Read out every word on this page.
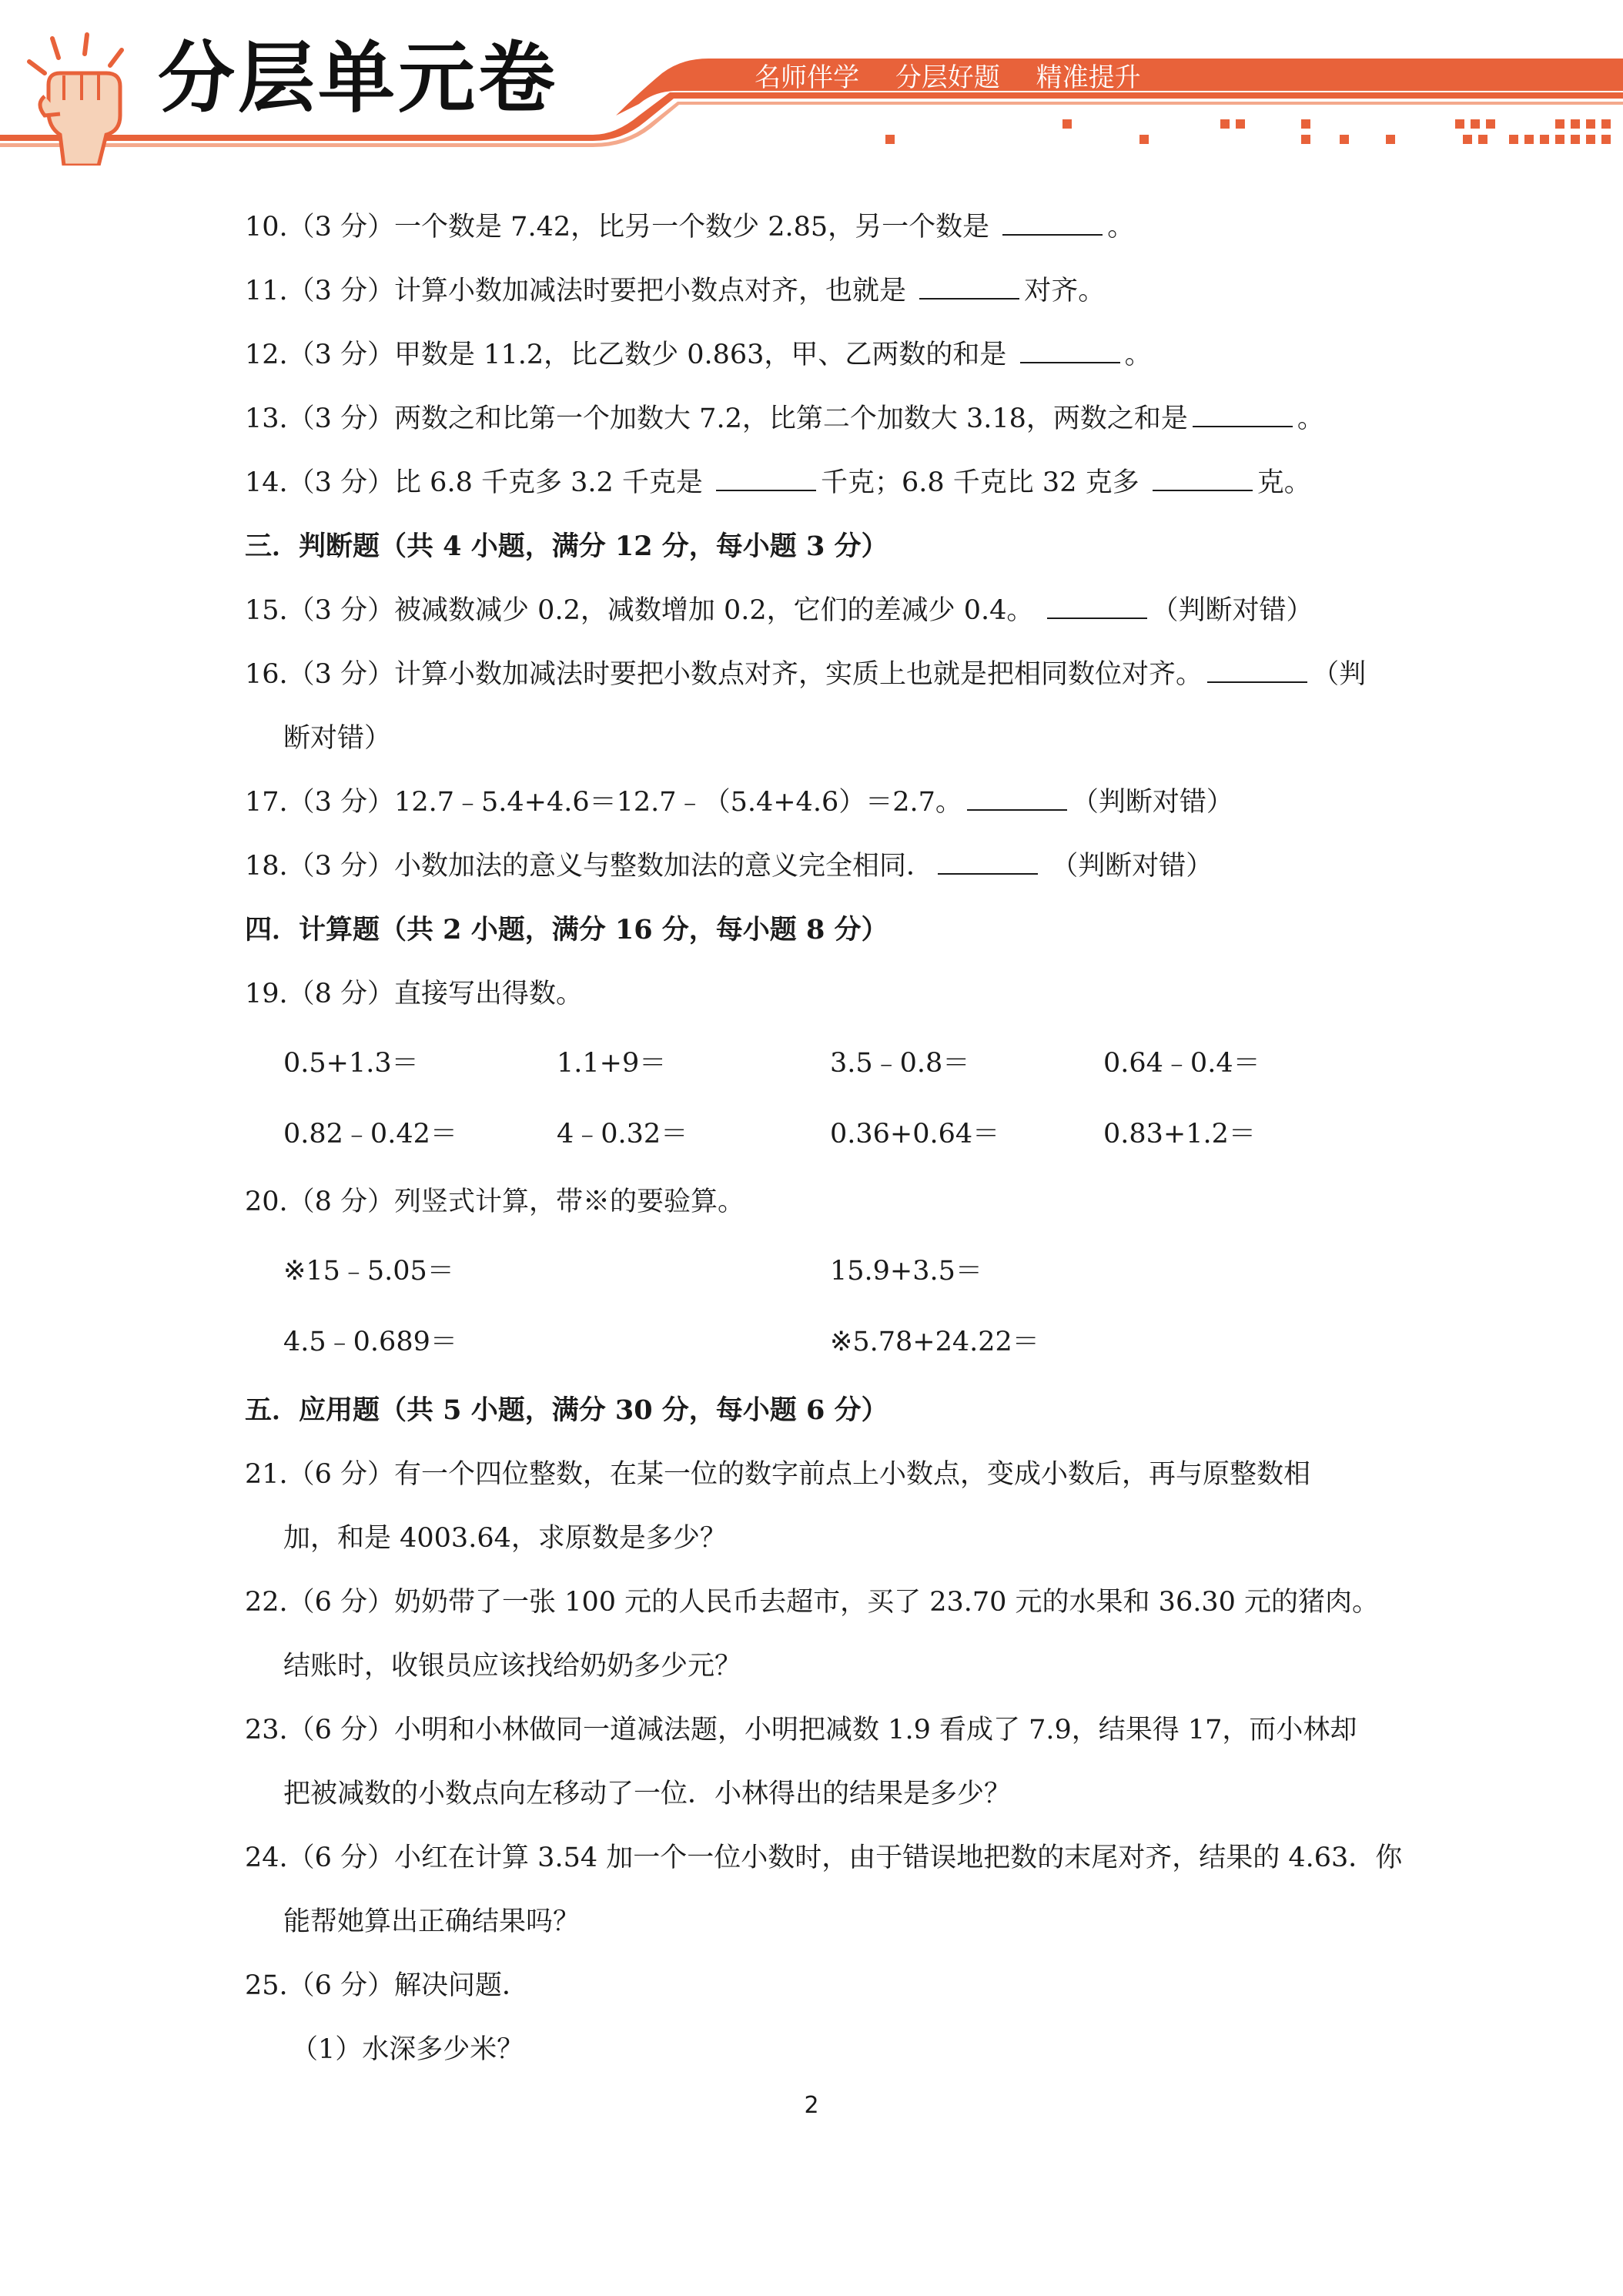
分层单元卷	名师伴学 分层好题 精准提升
10.（3 分）一个数是 7.42，比另一个数少 2.85，另一个数是	。
11.（3 分）计算小数加减法时要把小数点对齐，也就是	对齐。
12.（3 分）甲数是 11.2，比乙数少 0.863，甲、乙两数的和是	。
13.（3 分）两数之和比第一个加数大 7.2，比第二个加数大 3.18，两数之和是	。
14.（3 分）比 6.8 千克多 3.2 千克是	千克；6.8 千克比 32 克多	克。
三．判断题（共 4 小题，满分 12 分，每小题 3 分）
15.（3 分）被减数减少 0.2，减数增加 0.2，它们的差减少 0.4。	（判断对错）
16.（3 分）计算小数加减法时要把小数点对齐，实质上也就是把相同数位对齐。	（判
断对错）
17.（3 分）12.7﹣5.4+4.6＝12.7﹣（5.4+4.6）＝2.7。	（判断对错）
18.（3 分）小数加法的意义与整数加法的意义完全相同．	（判断对错）
四．计算题（共 2 小题，满分 16 分，每小题 8 分）
19.（8 分）直接写出得数。
0.5+1.3＝	1.1+9＝	3.5﹣0.8＝	0.64﹣0.4＝
0.82﹣0.42＝	4﹣0.32＝	0.36+0.64＝	0.83+1.2＝
20.（8 分）列竖式计算，带※的要验算。
※15﹣5.05＝	15.9+3.5＝
4.5﹣0.689＝	※5.78+24.22＝
五．应用题（共 5 小题，满分 30 分，每小题 6 分）
21.（6 分）有一个四位整数，在某一位的数字前点上小数点，变成小数后，再与原整数相
加，和是 4003.64，求原数是多少？
22.（6 分）奶奶带了一张 100 元的人民币去超市，买了 23.70 元的水果和 36.30 元的猪肉。
结账时，收银员应该找给奶奶多少元？
23.（6 分）小明和小林做同一道减法题，小明把减数 1.9 看成了 7.9，结果得 17，而小林却
把被减数的小数点向左移动了一位．小林得出的结果是多少？
24.（6 分）小红在计算 3.54 加一个一位小数时，由于错误地把数的末尾对齐，结果的 4.63．你
能帮她算出正确结果吗？
25.（6 分）解决问题．
（1）水深多少米？
2
